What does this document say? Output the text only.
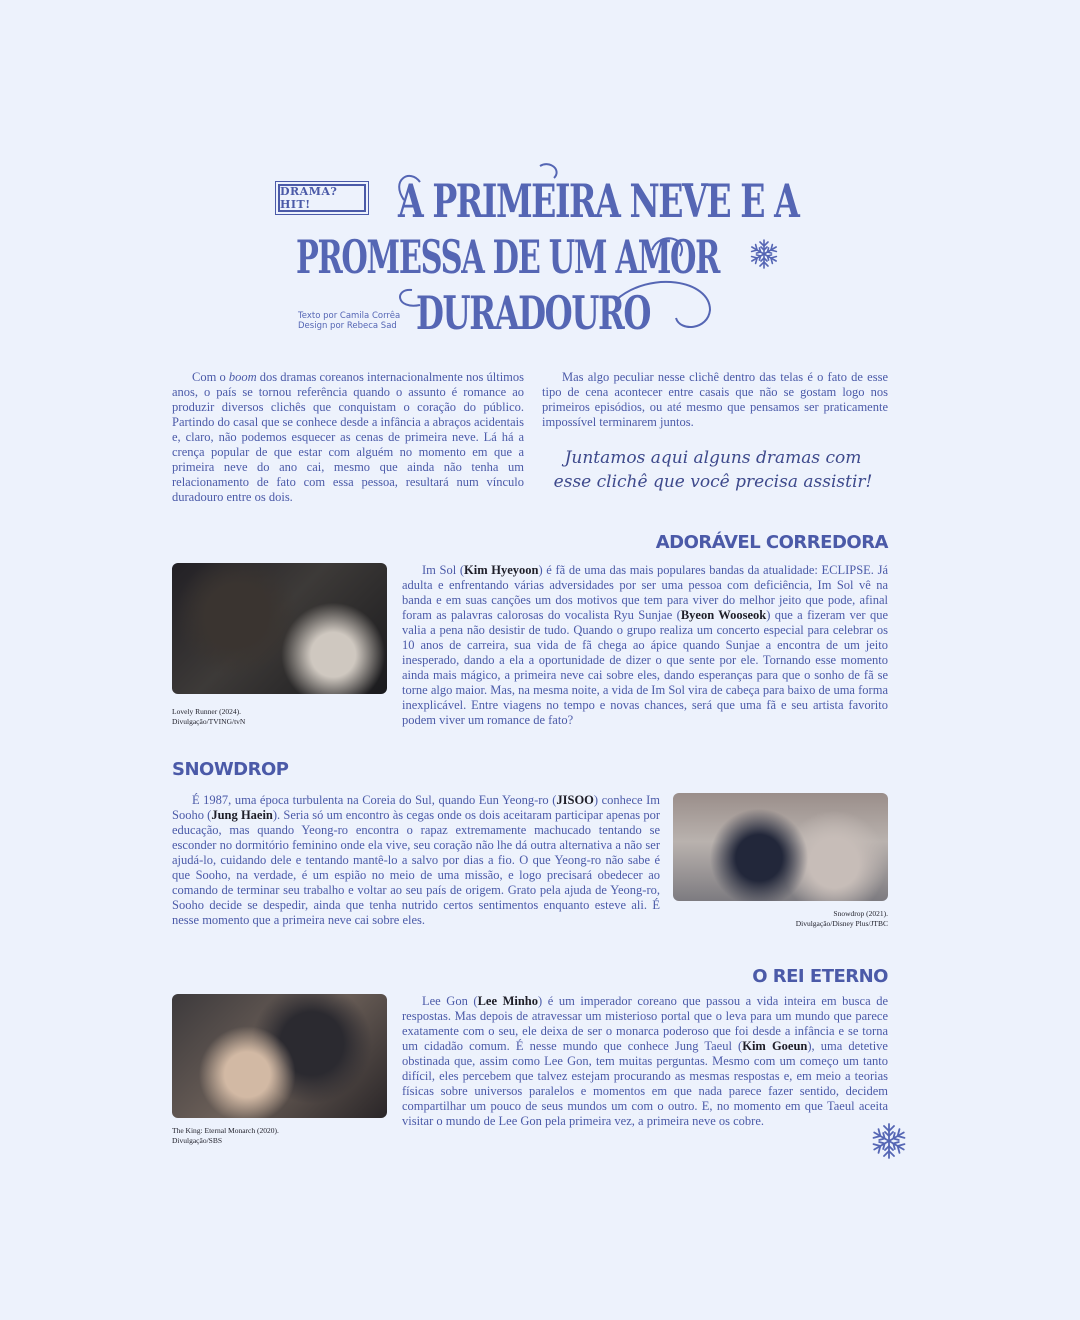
DRAMA?HIT!	A PRIMEIRA NEVE E A
PROMESSA DE UM AMOR
DURADOURO
Texto por Camila Corrêa
Design por Rebeca Sad

Com o boom dos dramas coreanos internacionalmente nos últimos anos, o país se tornou referência quando o assunto é romance ao produzir diversos clichês que conquistam o coração do público. Partindo do casal que se conhece desde a infância a abraços acidentais e, claro, não podemos esquecer as cenas de primeira neve. Lá há a crença popular de que estar com alguém no momento em que a primeira neve do ano cai, mesmo que ainda não tenha um relacionamento de fato com essa pessoa, resultará num vínculo duradouro entre os dois.

Mas algo peculiar nesse clichê dentro das telas é o fato de esse tipo de cena acontecer entre casais que não se gostam logo nos primeiros episódios, ou até mesmo que pensamos ser praticamente impossível terminarem juntos.

Juntamos aqui alguns dramas com esse clichê que você precisa assistir!

ADORÁVEL CORREDORA
Lovely Runner (2024).
Divulgação/TVING/tvN

Im Sol (Kim Hyeyoon) é fã de uma das mais populares bandas da atualidade: ECLIPSE. Já adulta e enfrentando várias adversidades por ser uma pessoa com deficiência, Im Sol vê na banda e em suas canções um dos motivos que tem para viver do melhor jeito que pode, afinal foram as palavras calorosas do vocalista Ryu Sunjae (Byeon Wooseok) que a fizeram ver que valia a pena não desistir de tudo. Quando o grupo realiza um concerto especial para celebrar os 10 anos de carreira, sua vida de fã chega ao ápice quando Sunjae a encontra de um jeito inesperado, dando a ela a oportunidade de dizer o que sente por ele. Tornando esse momento ainda mais mágico, a primeira neve cai sobre eles, dando esperanças para que o sonho de fã se torne algo maior. Mas, na mesma noite, a vida de Im Sol vira de cabeça para baixo de uma forma inexplicável. Entre viagens no tempo e novas chances, será que uma fã e seu artista favorito podem viver um romance de fato?

SNOWDROP

É 1987, uma época turbulenta na Coreia do Sul, quando Eun Yeong-ro (JISOO) conhece Im Sooho (Jung Haein). Seria só um encontro às cegas onde os dois aceitaram participar apenas por educação, mas quando Yeong-ro encontra o rapaz extremamente machucado tentando se esconder no dormitório feminino onde ela vive, seu coração não lhe dá outra alternativa a não ser ajudá-lo, cuidando dele e tentando mantê-lo a salvo por dias a fio. O que Yeong-ro não sabe é que Sooho, na verdade, é um espião no meio de uma missão, e logo precisará obedecer ao comando de terminar seu trabalho e voltar ao seu país de origem. Grato pela ajuda de Yeong-ro, Sooho decide se despedir, ainda que tenha nutrido certos sentimentos enquanto esteve ali. É nesse momento que a primeira neve cai sobre eles.	Snowdrop (2021).
Divulgação/Disney Plus/JTBC
O REI ETERNO
The King: Eternal Monarch (2020).
Divulgação/SBS

Lee Gon (Lee Minho) é um imperador coreano que passou a vida inteira em busca de respostas. Mas depois de atravessar um misterioso portal que o leva para um mundo que parece exatamente com o seu, ele deixa de ser o monarca poderoso que foi desde a infância e se torna um cidadão comum. É nesse mundo que conhece Jung Taeul (Kim Goeun), uma detetive obstinada que, assim como Lee Gon, tem muitas perguntas. Mesmo com um começo um tanto difícil, eles percebem que talvez estejam procurando as mesmas respostas e, em meio a teorias físicas sobre universos paralelos e momentos em que nada parece fazer sentido, decidem compartilhar um pouco de seus mundos um com o outro. E, no momento em que Taeul aceita visitar o mundo de Lee Gon pela primeira vez, a primeira neve os cobre.
